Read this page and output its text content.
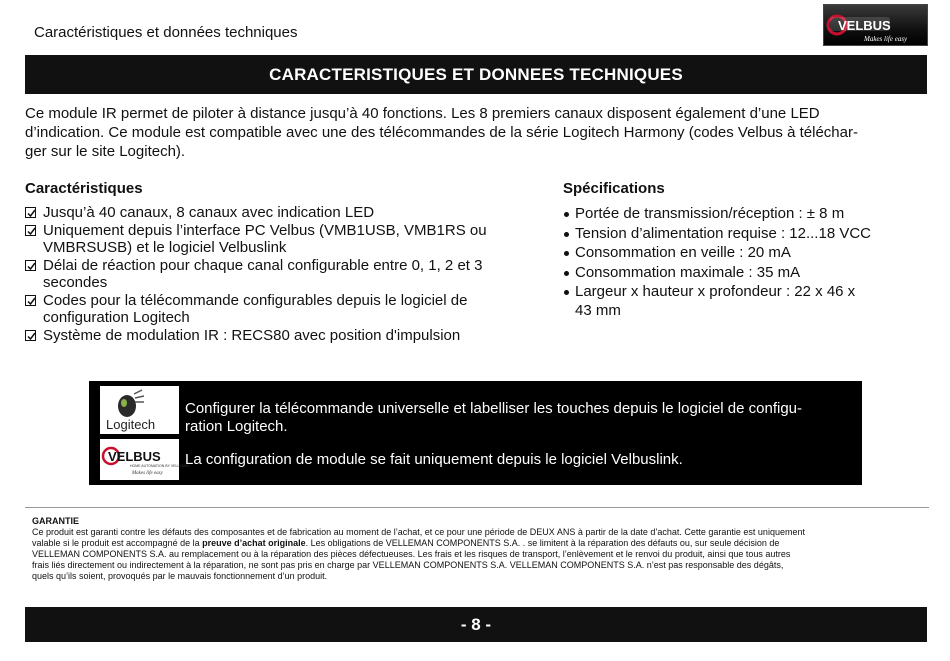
Caractéristiques et données techniques	VELBUS
Makes life easy
CARACTERISTIQUES ET DONNEES TECHNIQUES
Ce module IR permet de piloter à distance jusqu’à 40 fonctions. Les 8 premiers canaux disposent également d’une LED
d’indication. Ce module est compatible avec une des télécommandes de la série Logitech Harmony (codes Velbus à téléchar-
ger sur le site Logitech).
Caractéristiques	Spécifications
Jusqu’à 40 canaux, 8 canaux avec indication LED
Uniquement depuis l’interface PC Velbus (VMB1USB, VMB1RS ou
VMBRSUSB) et le logiciel Velbuslink
Délai de réaction pour chaque canal configurable entre 0, 1, 2 et 3
secondes
Codes pour la télécommande configurables depuis le logiciel de
configuration Logitech
Système de modulation IR : RECS80 avec position d'impulsion
Portée de transmission/réception : ± 8 m
Tension d’alimentation requise : 12...18 VCC
Consommation en veille : 20 mA
Consommation maximale : 35 mA
Largeur x hauteur x profondeur : 22 x 46 x
43 mm
Logitech
Configurer la télécommande universelle et labelliser les touches depuis le logiciel de configu-
ration Logitech.
VELBUS
HOME AUTOMATION BY VELLEMAN
Makes life easy
La configuration de module se fait uniquement depuis le logiciel Velbuslink.
GARANTIE
Ce produit est garanti contre les défauts des composantes et de fabrication au moment de l’achat, et ce pour une période de DEUX ANS à partir de la date d’achat. Cette garantie est uniquement
valable si le produit est accompagné de la preuve d’achat originale. Les obligations de VELLEMAN COMPONENTS S.A. . se limitent à la réparation des défauts ou, sur seule décision de
VELLEMAN COMPONENTS S.A. au remplacement ou à la réparation des pièces défectueuses. Les frais et les risques de transport, l’enlèvement et le renvoi du produit, ainsi que tous autres
frais liés directement ou indirectement à la réparation, ne sont pas pris en charge par VELLEMAN COMPONENTS S.A. VELLEMAN COMPONENTS S.A. n’est pas responsable des dégâts,
quels qu’ils soient, provoqués par le mauvais fonctionnement d’un produit.
- 8 -
